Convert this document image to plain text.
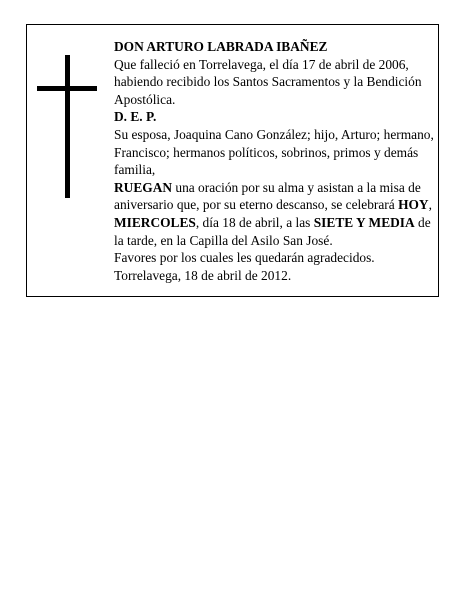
DON ARTURO LABRADA IBAÑEZ

Que falleció en Torrelavega, el día 17 de abril de 2006, habiendo recibido los Santos Sacramentos y la Bendición Apostólica.

D. E. P.

Su esposa, Joaquina Cano González; hijo, Arturo; hermano, Francisco; hermanos políticos, sobrinos, primos y demás familia,

RUEGAN una oración por su alma y asistan a la misa de aniversario que, por su eterno descanso, se celebrará HOY, MIERCOLES, día 18 de abril, a las SIETE Y MEDIA de la tarde, en la Capilla del Asilo San José.

Favores por los cuales les quedarán agradecidos.

Torrelavega, 18 de abril de 2012.
